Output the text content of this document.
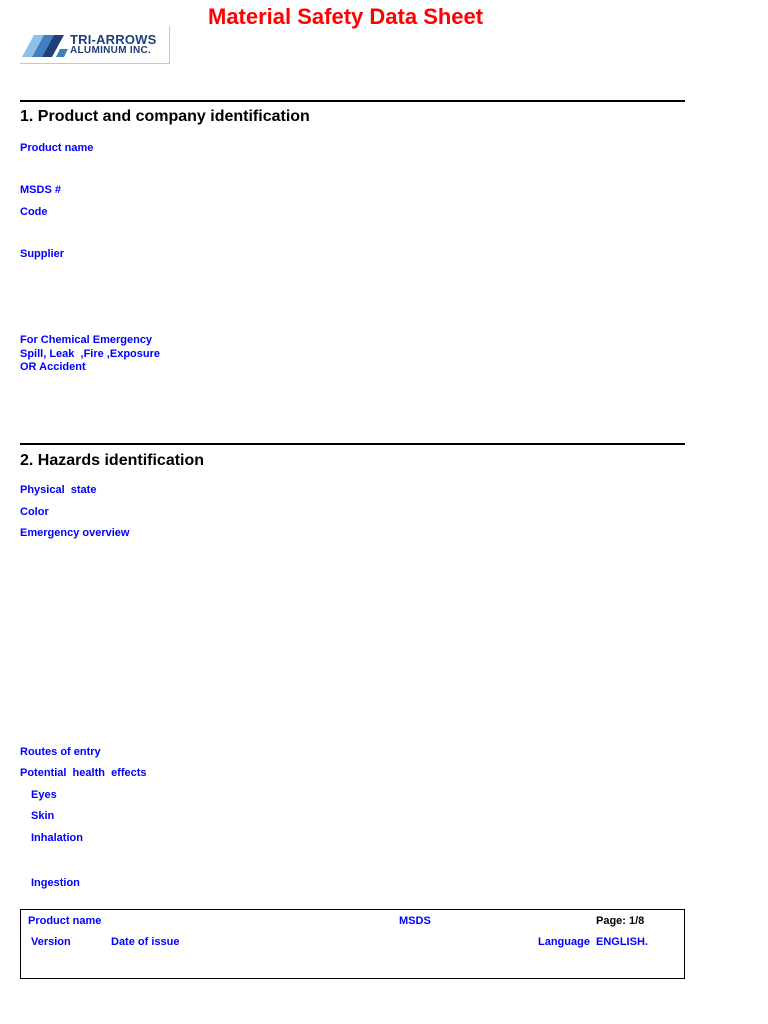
Material Safety Data Sheet
TRI-ARROWS
ALUMINUM INC.
1. Product and company identification
Product name
MSDS #
Code
Supplier
For Chemical Emergency
Spill, Leak  ,Fire ,Exposure
OR Accident
2. Hazards identification
Physical  state
Color
Emergency overview
Routes of entry
Potential  health  effects
Eyes
Skin
Inhalation
Ingestion
Product name	MSDS	Page: 1/8
Version	Date of issue	Language ENGLISH.
